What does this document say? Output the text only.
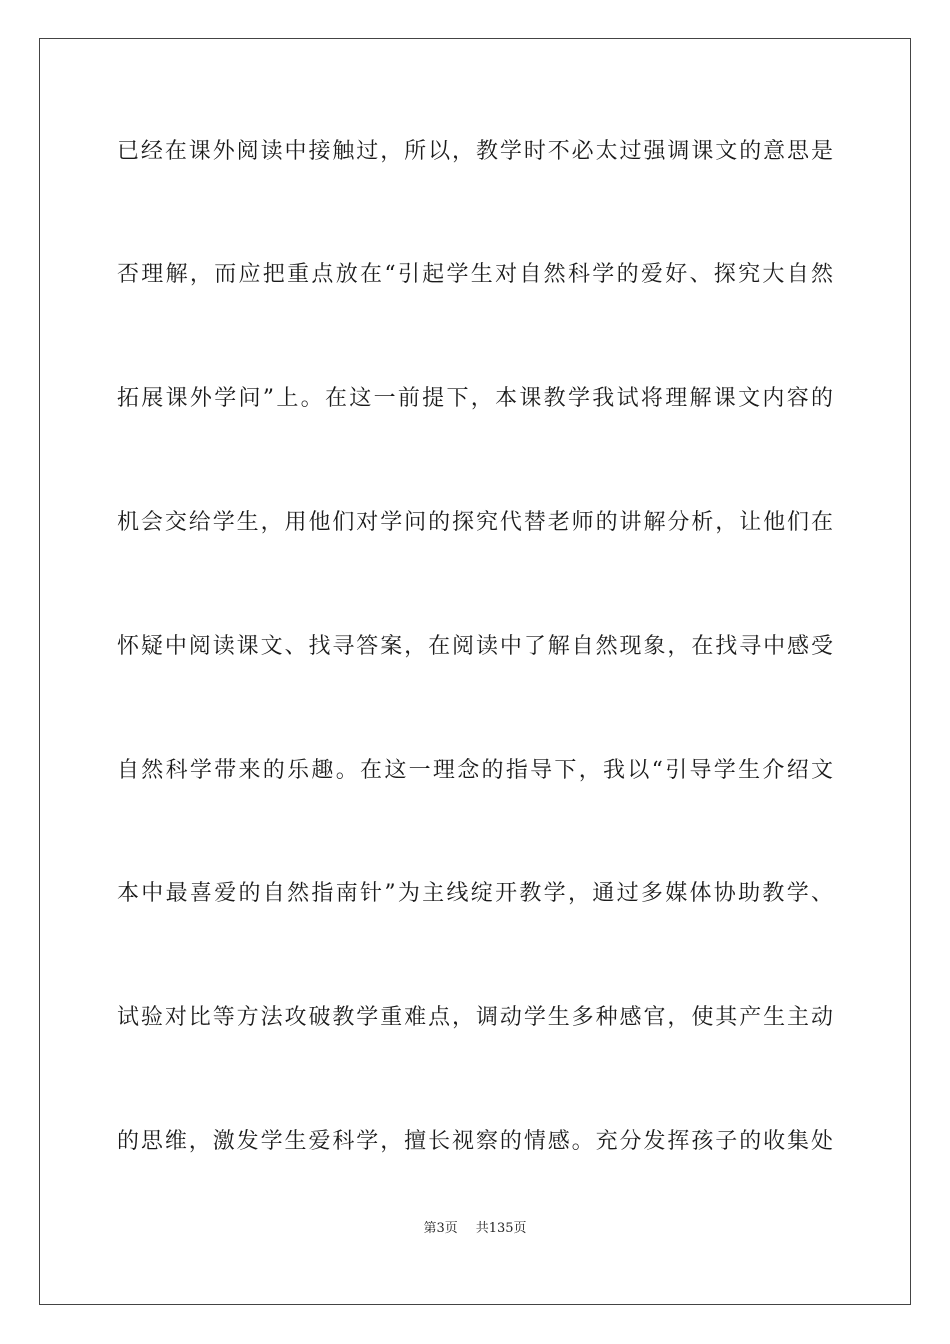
已经在课外阅读中接触过，所以，教学时不必太过强调课文的意思是
否理解，而应把重点放在“引起学生对自然科学的爱好、探究大自然
拓展课外学问”上。在这一前提下，本课教学我试将理解课文内容的
机会交给学生，用他们对学问的探究代替老师的讲解分析，让他们在
怀疑中阅读课文、找寻答案，在阅读中了解自然现象，在找寻中感受
自然科学带来的乐趣。在这一理念的指导下，我以“引导学生介绍文
本中最喜爱的自然指南针”为主线绽开教学，通过多媒体协助教学、
试验对比等方法攻破教学重难点，调动学生多种感官，使其产生主动
的思维，激发学生爱科学，擅长视察的情感。充分发挥孩子的收集处
第3页 共135页
